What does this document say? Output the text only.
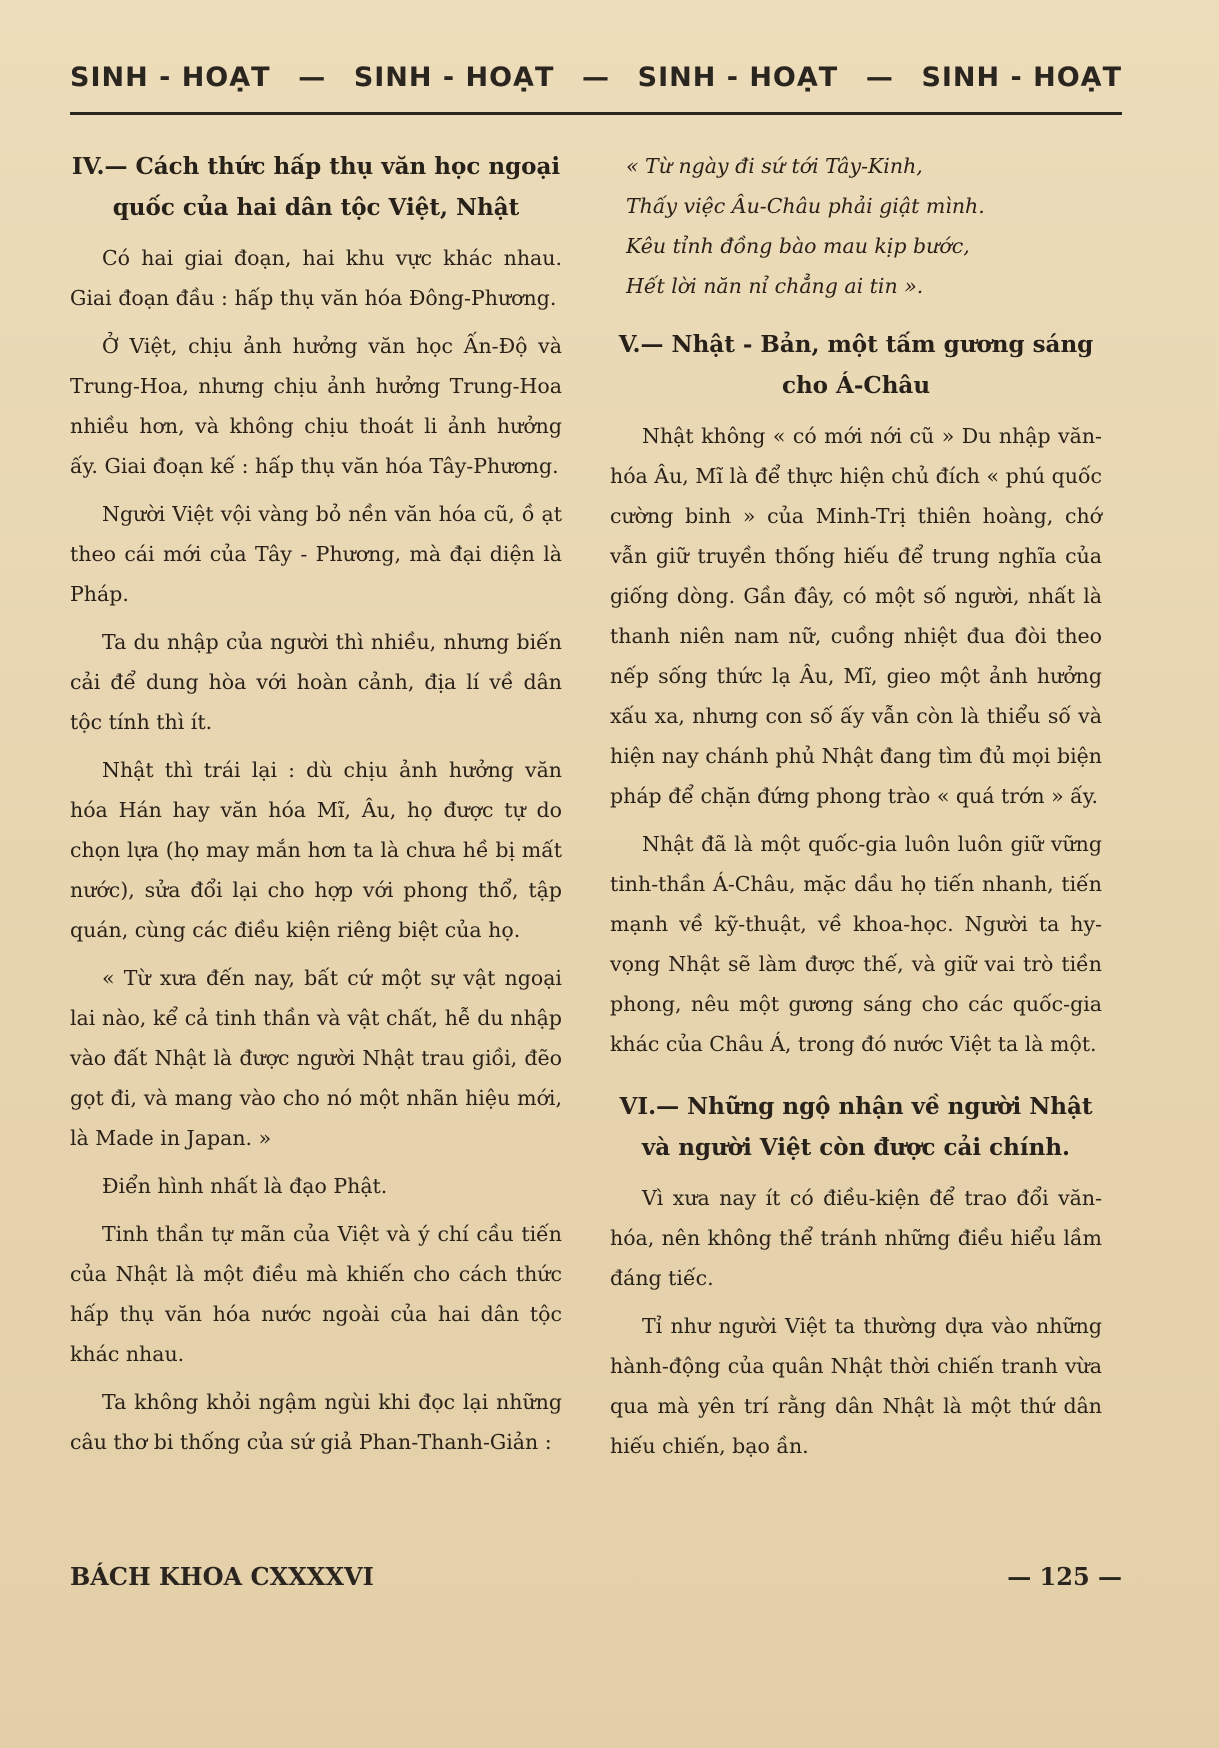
SINH - HOẠT — SINH - HOẠT — SINH - HOẠT — SINH - HOẠT
IV.— Cách thức hấp thụ văn học ngoại quốc của hai dân tộc Việt, Nhật

Có hai giai đoạn, hai khu vực khác nhau. Giai đoạn đầu : hấp thụ văn hóa Đông-Phương.

Ở Việt, chịu ảnh hưởng văn học Ấn-Độ và Trung-Hoa, nhưng chịu ảnh hưởng Trung-Hoa nhiều hơn, và không chịu thoát li ảnh hưởng ấy. Giai đoạn kế : hấp thụ văn hóa Tây-Phương.

Người Việt vội vàng bỏ nền văn hóa cũ, ồ ạt theo cái mới của Tây - Phương, mà đại diện là Pháp.

Ta du nhập của người thì nhiều, nhưng biến cải để dung hòa với hoàn cảnh, địa lí về dân tộc tính thì ít.

Nhật thì trái lại : dù chịu ảnh hưởng văn hóa Hán hay văn hóa Mĩ, Âu, họ được tự do chọn lựa (họ may mắn hơn ta là chưa hề bị mất nước), sửa đổi lại cho hợp với phong thổ, tập quán, cùng các điều kiện riêng biệt của họ.

« Từ xưa đến nay, bất cứ một sự vật ngoại lai nào, kể cả tinh thần và vật chất, hễ du nhập vào đất Nhật là được người Nhật trau giồi, đẽo gọt đi, và mang vào cho nó một nhãn hiệu mới, là Made in Japan. »

Điển hình nhất là đạo Phật.

Tinh thần tự mãn của Việt và ý chí cầu tiến của Nhật là một điều mà khiến cho cách thức hấp thụ văn hóa nước ngoài của hai dân tộc khác nhau.

Ta không khỏi ngậm ngùi khi đọc lại những câu thơ bi thống của sứ giả Phan-Thanh-Giản :

« Từ ngày đi sứ tới Tây-Kinh,
Thấy việc Âu-Châu phải giật mình.
Kêu tỉnh đồng bào mau kịp bước,
Hết lời năn nỉ chẳng ai tin ».
V.— Nhật - Bản, một tấm gương sáng cho Á-Châu

Nhật không « có mới nới cũ » Du nhập văn-hóa Âu, Mĩ là để thực hiện chủ đích « phú quốc cường binh » của Minh-Trị thiên hoàng, chớ vẫn giữ truyền thống hiếu để trung nghĩa của giống dòng. Gần đây, có một số người, nhất là thanh niên nam nữ, cuồng nhiệt đua đòi theo nếp sống thức lạ Âu, Mĩ, gieo một ảnh hưởng xấu xa, nhưng con số ấy vẫn còn là thiểu số và hiện nay chánh phủ Nhật đang tìm đủ mọi biện pháp để chặn đứng phong trào « quá trớn » ấy.

Nhật đã là một quốc-gia luôn luôn giữ vững tinh-thần Á-Châu, mặc dầu họ tiến nhanh, tiến mạnh về kỹ-thuật, về khoa-học. Người ta hy-vọng Nhật sẽ làm được thế, và giữ vai trò tiền phong, nêu một gương sáng cho các quốc-gia khác của Châu Á, trong đó nước Việt ta là một.

VI.— Những ngộ nhận về người Nhật và người Việt còn được cải chính.

Vì xưa nay ít có điều-kiện để trao đổi văn-hóa, nên không thể tránh những điều hiểu lầm đáng tiếc.

Tỉ như người Việt ta thường dựa vào những hành-động của quân Nhật thời chiến tranh vừa qua mà yên trí rằng dân Nhật là một thứ dân hiếu chiến, bạo ần.

BÁCH KHOA CXXXXVI	— 125 —
